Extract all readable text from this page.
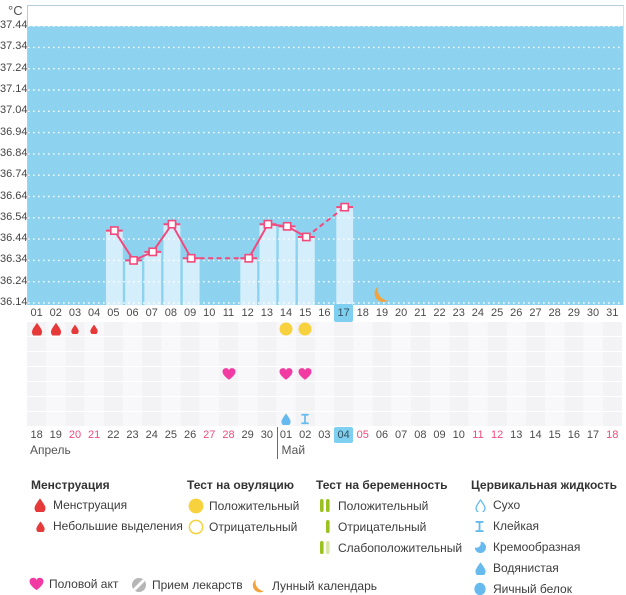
°C
37.44
37.34
37.24
37.14
37.04
36.94
36.84
36.74
36.64
36.54
36.44
36.34
36.24
36.14
01 02 03 04 05 06 07 08 09 10 11 12 13 14 15 16 17 18 19 20 21 22 23 24 25 26 27 28 29 30 31
18 19 20 21 22 23 24 25 26 27 28 29 30 01 02 03 04 05 06 07 08 09 10 11 12 13 14 15 16 17 18
Апрель	Май
Менструация
Менструация
Небольшие выделения
Тест на овуляцию
Положительный
Отрицательный
Тест на беременность
Положительный
Отрицательный
Слабоположительный
Цервикальная жидкость
Сухо
Клейкая
Кремообразная
Водянистая
Яичный белок
Половой акт	Прием лекарств Лунный календарь
